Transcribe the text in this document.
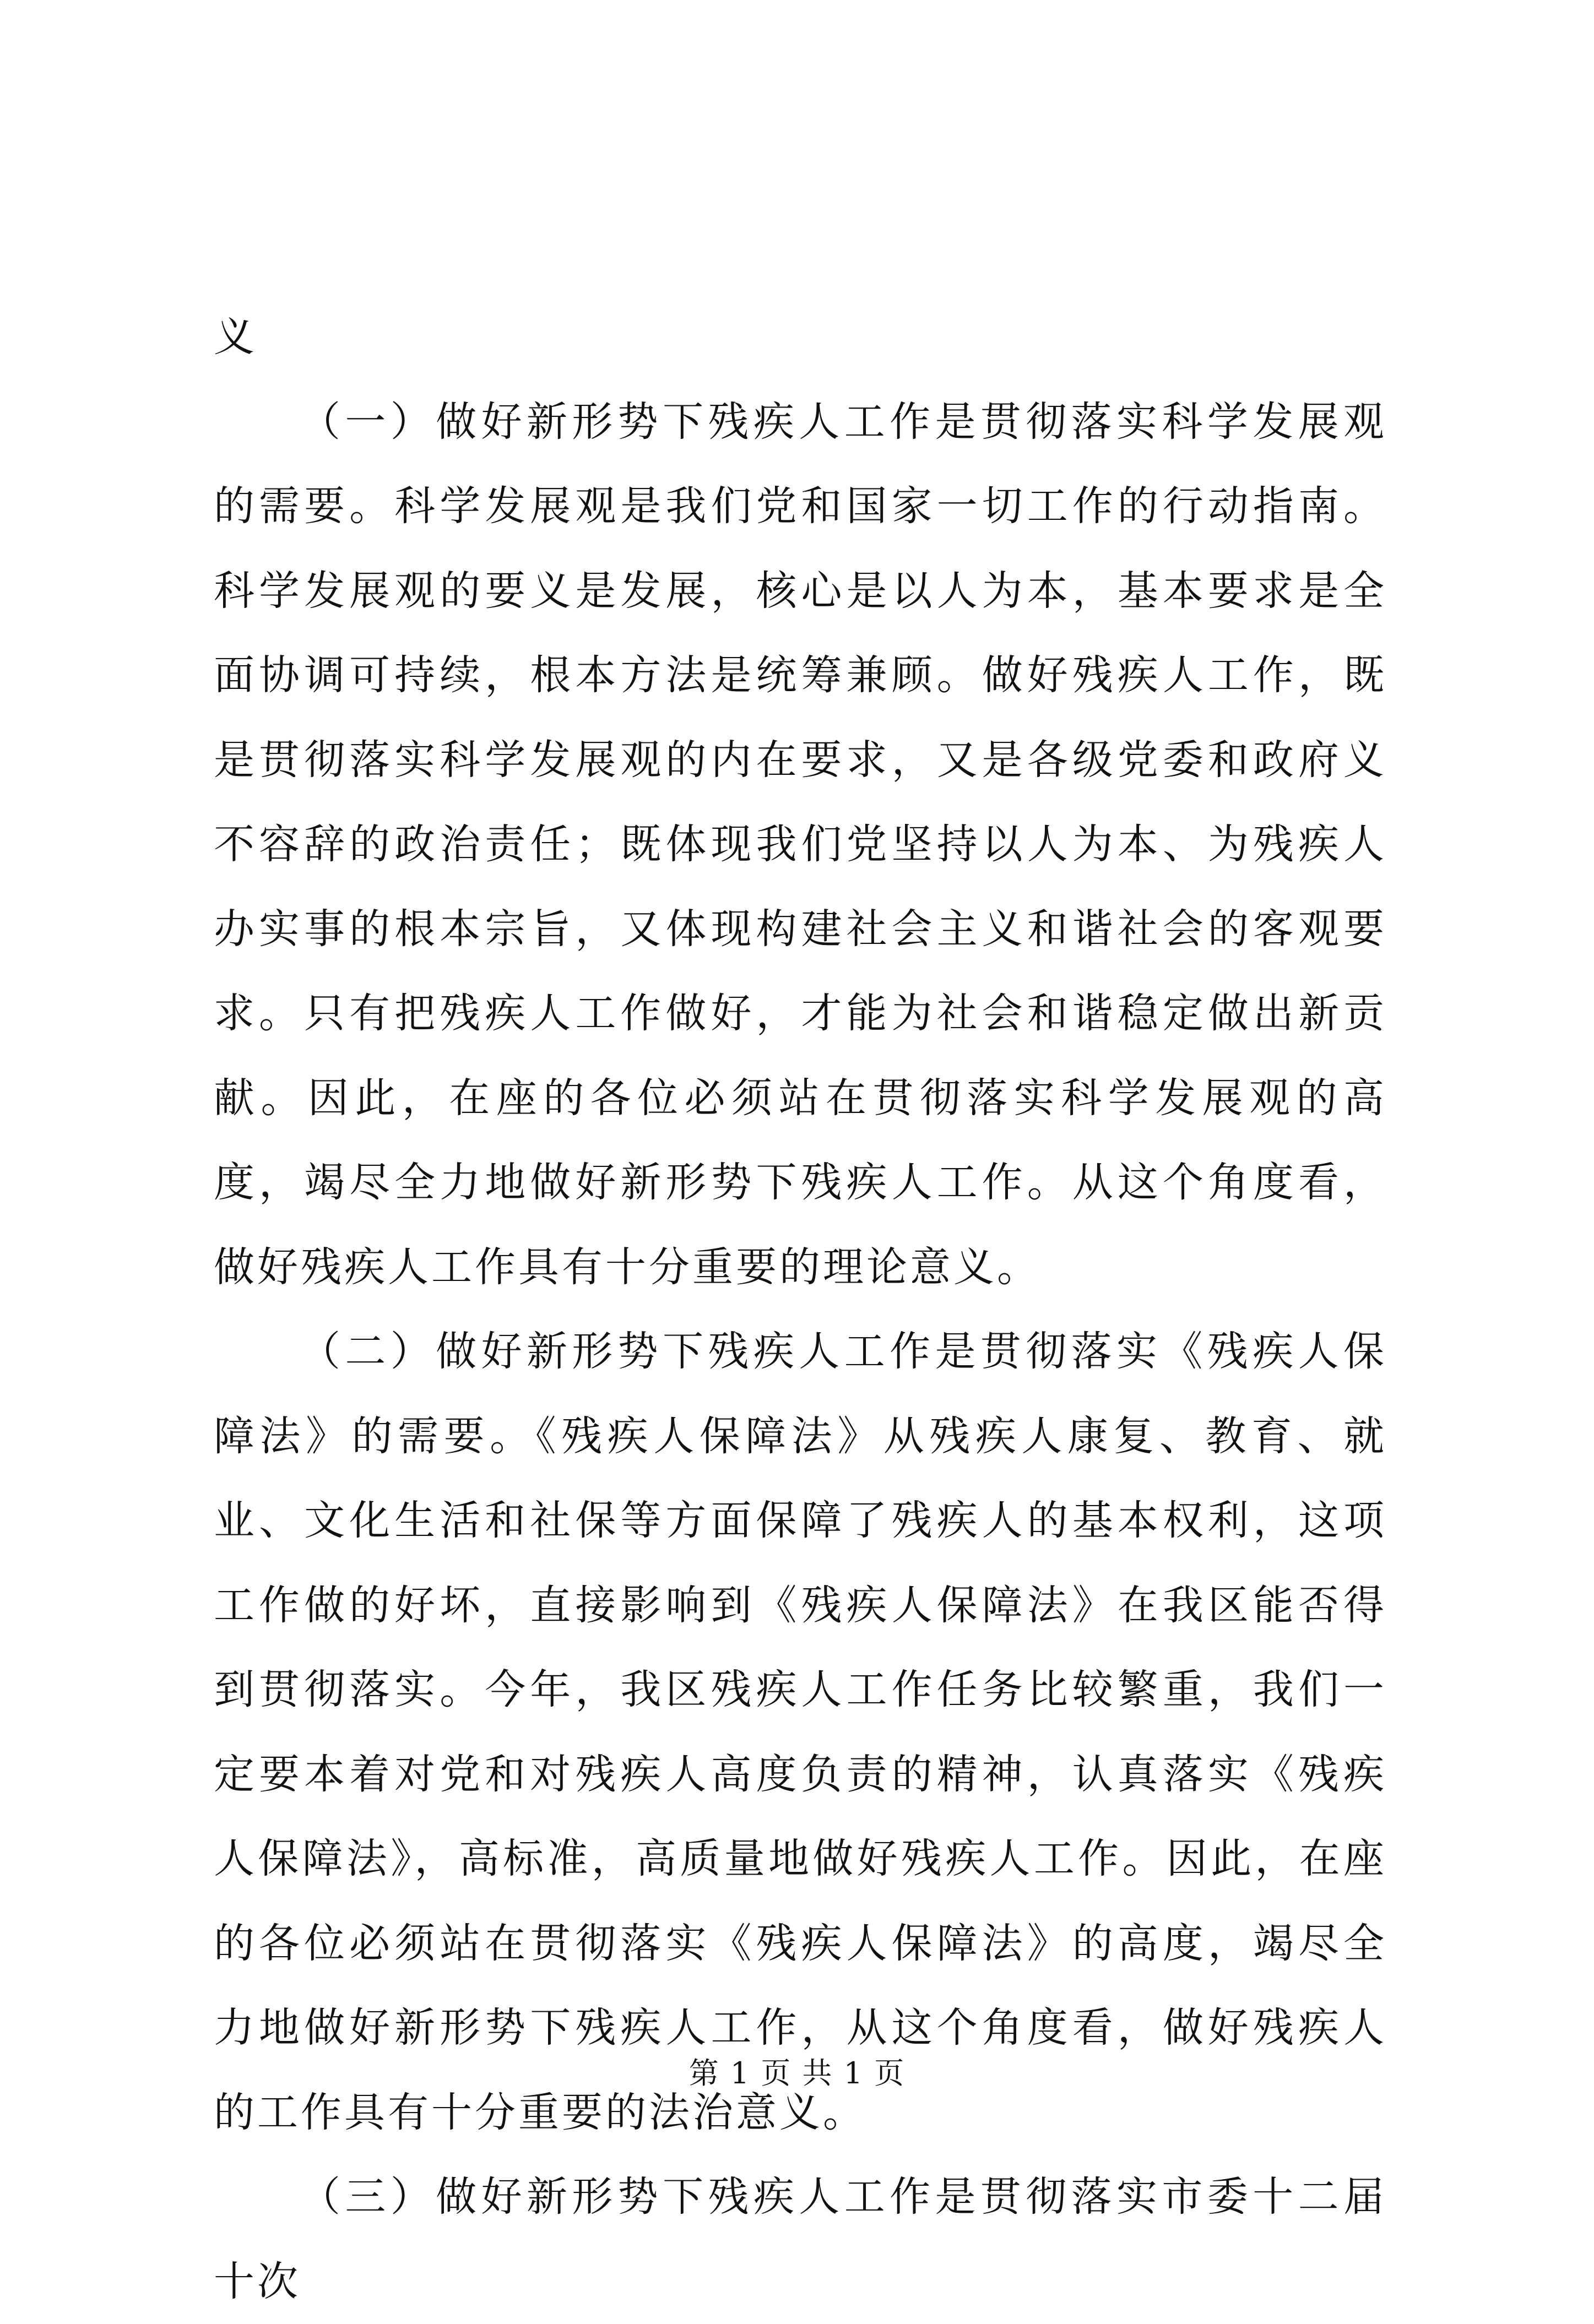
义

（一）做好新形势下残疾人工作是贯彻落实科学发展观的需要。科学发展观是我们党和国家一切工作的行动指南。科学发展观的要义是发展，核心是以人为本，基本要求是全面协调可持续，根本方法是统筹兼顾。做好残疾人工作，既是贯彻落实科学发展观的内在要求，又是各级党委和政府义不容辞的政治责任；既体现我们党坚持以人为本、为残疾人办实事的根本宗旨，又体现构建社会主义和谐社会的客观要求。只有把残疾人工作做好，才能为社会和谐稳定做出新贡献。因此，在座的各位必须站在贯彻落实科学发展观的高度，竭尽全力地做好新形势下残疾人工作。从这个角度看，做好残疾人工作具有十分重要的理论意义。

（二）做好新形势下残疾人工作是贯彻落实《残疾人保障法》的需要。《残疾人保障法》从残疾人康复、教育、就业、文化生活和社保等方面保障了残疾人的基本权利，这项工作做的好坏，直接影响到《残疾人保障法》在我区能否得到贯彻落实。今年，我区残疾人工作任务比较繁重，我们一定要本着对党和对残疾人高度负责的精神，认真落实《残疾人保障法》，高标准，高质量地做好残疾人工作。因此，在座的各位必须站在贯彻落实《残疾人保障法》的高度，竭尽全力地做好新形势下残疾人工作，从这个角度看，做好残疾人的工作具有十分重要的法治意义。

（三）做好新形势下残疾人工作是贯彻落实市委十二届十次

第 1 页 共 1 页
